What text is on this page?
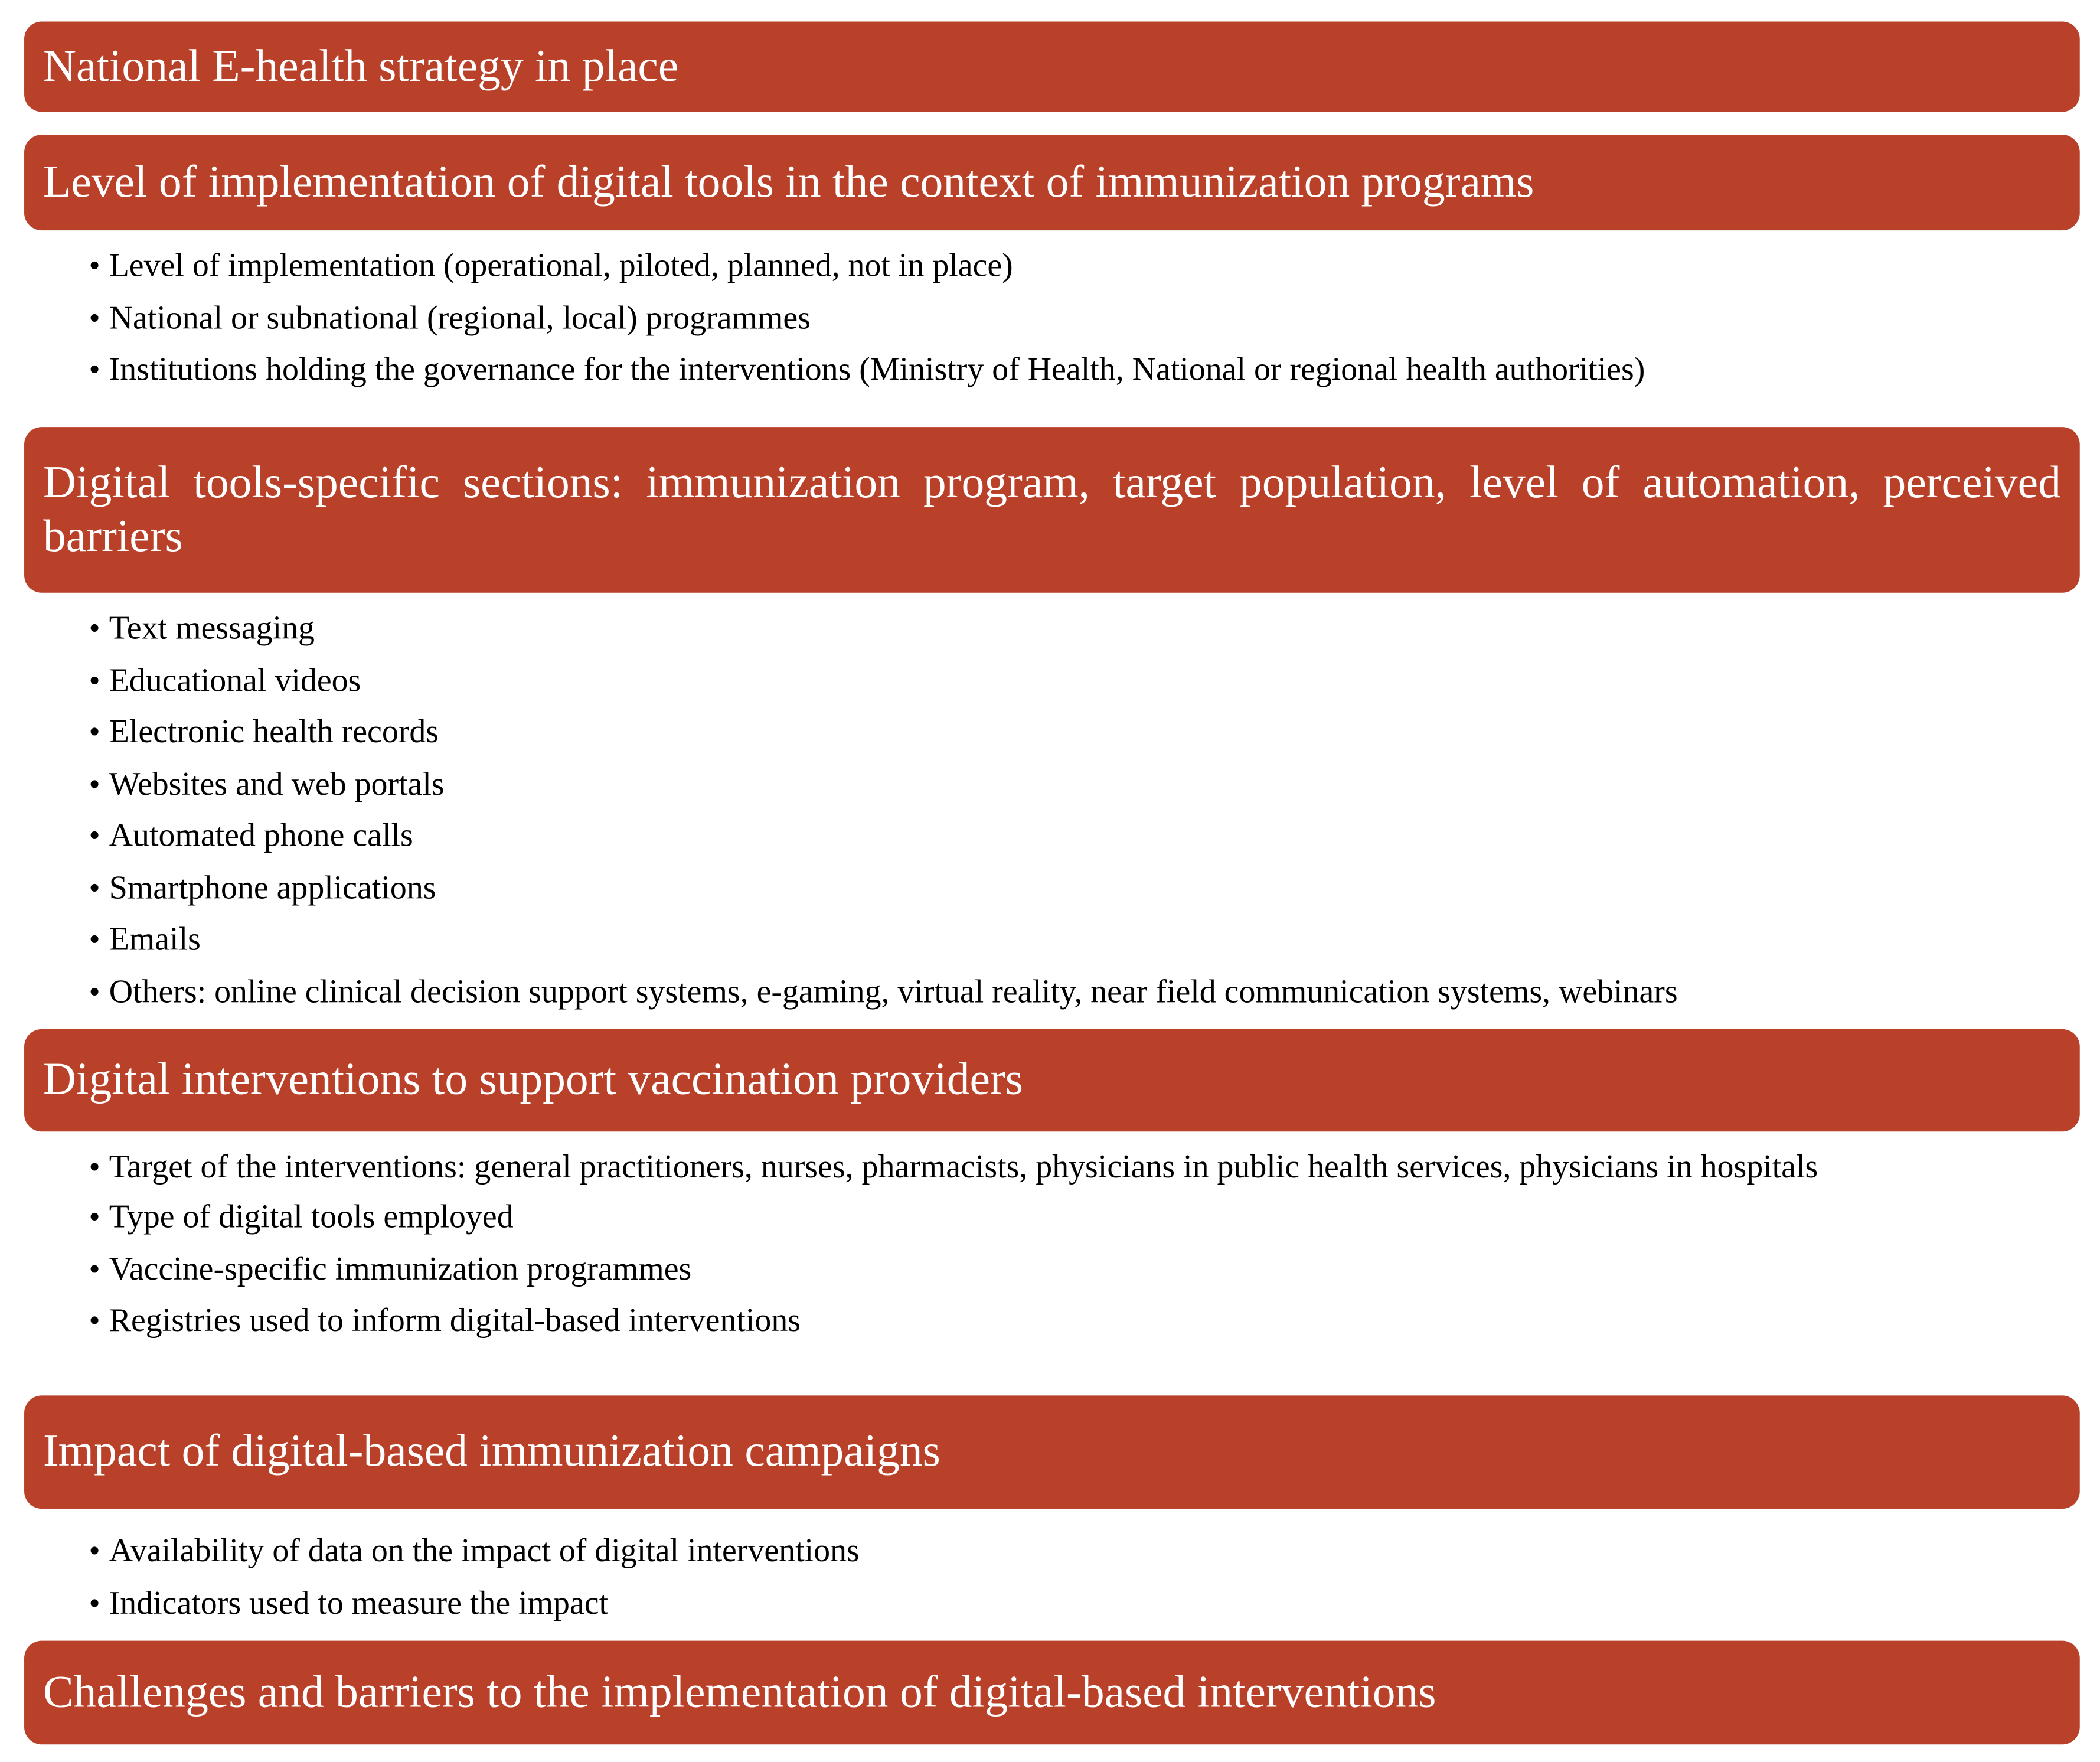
National E-health strategy in place
Level of implementation of digital tools in the context of immunization programs
• Level of implementation (operational, piloted, planned, not in place)
• National or subnational (regional, local) programmes
• Institutions holding the governance for the interventions (Ministry of Health, National or regional health authorities)
Digital tools-specific sections: immunization program, target population, level of automation, perceived barriers
• Text messaging
• Educational videos
• Electronic health records
• Websites and web portals
• Automated phone calls
• Smartphone applications
• Emails
• Others: online clinical decision support systems, e-gaming, virtual reality, near field communication systems, webinars
Digital interventions to support vaccination providers
• Target of the interventions: general practitioners, nurses, pharmacists, physicians in public health services, physicians in hospitals
• Type of digital tools employed
• Vaccine-specific immunization programmes
• Registries used to inform digital-based interventions
Impact of digital-based immunization campaigns
• Availability of data on the impact of digital interventions
• Indicators used to measure the impact
Challenges and barriers to the implementation of digital-based interventions
